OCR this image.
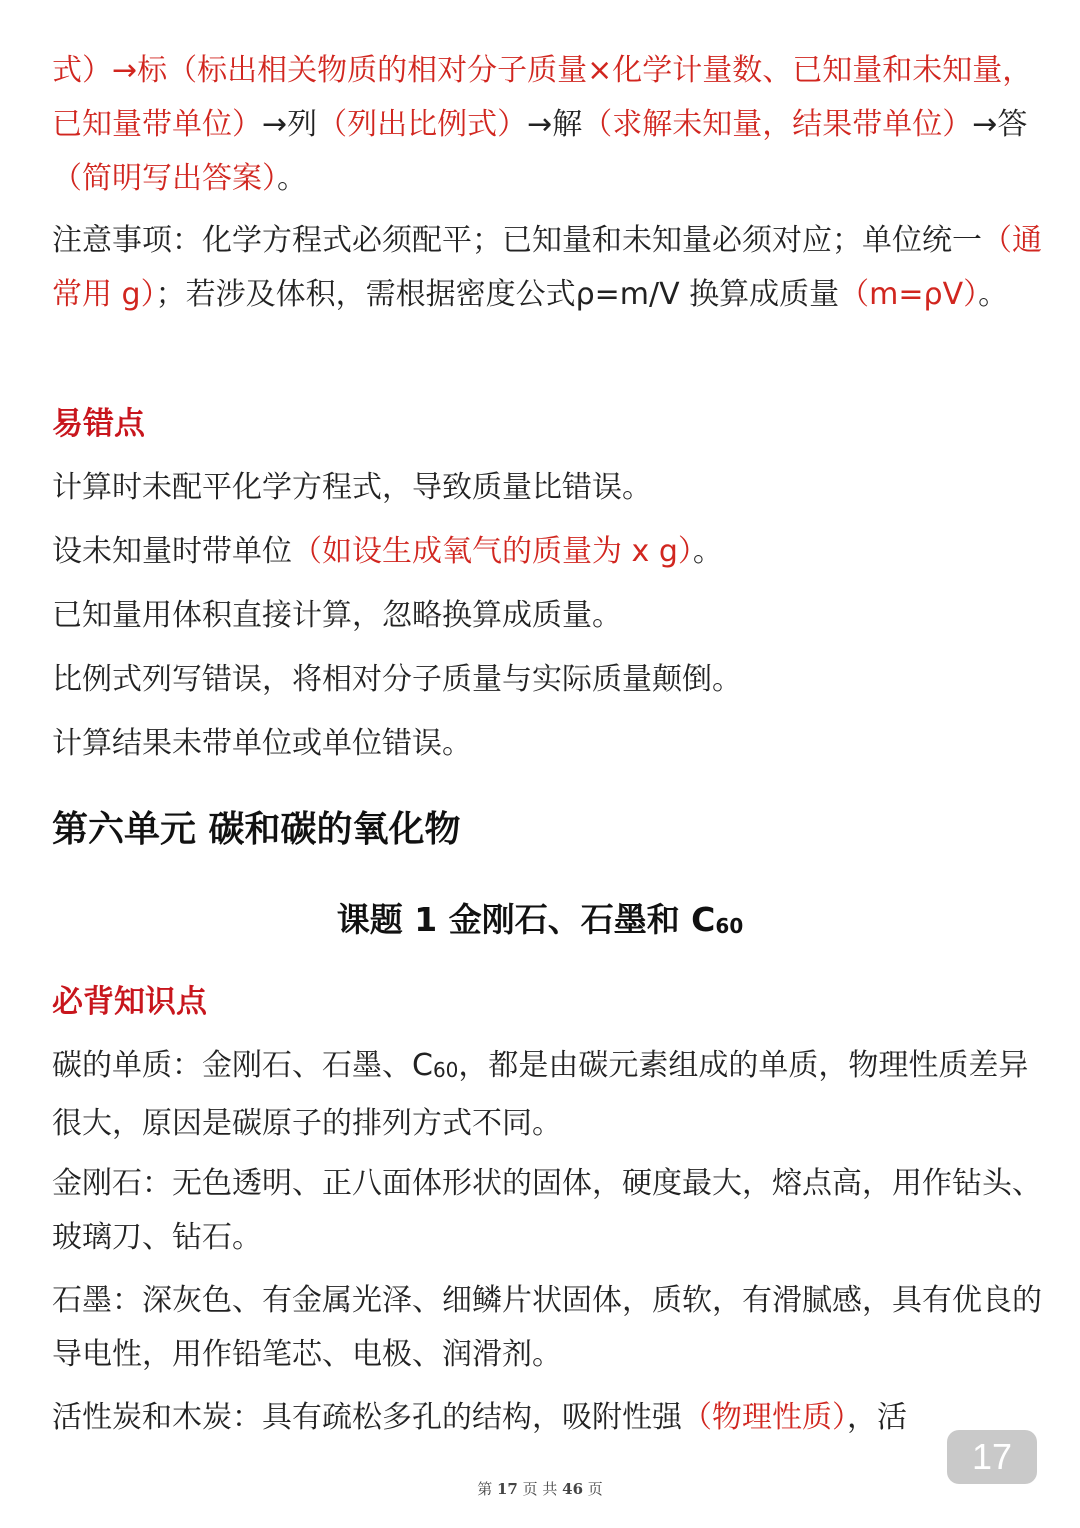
式）→标（标出相关物质的相对分子质量×化学计量数、已知量和未知量，已知量带单位）→列（列出比例式）→解（求解未知量，结果带单位）→答（简明写出答案）。

注意事项：化学方程式必须配平；已知量和未知量必须对应；单位统一（通常用 g）；若涉及体积，需根据密度公式ρ=m/V 换算成质量（m=ρV）。

易错点

计算时未配平化学方程式，导致质量比错误。

设未知量时带单位（如设生成氧气的质量为 x g）。

已知量用体积直接计算，忽略换算成质量。

比例式列写错误，将相对分子质量与实际质量颠倒。

计算结果未带单位或单位错误。

第六单元 碳和碳的氧化物
课题 1 金刚石、石墨和 $C_{60}$
必背知识点

碳的单质：金刚石、石墨、$C_{60}$，都是由碳元素组成的单质，物理性质差异很大，原因是碳原子的排列方式不同。

金刚石：无色透明、正八面体形状的固体，硬度最大，熔点高，用作钻头、玻璃刀、钻石。

石墨：深灰色、有金属光泽、细鳞片状固体，质软，有滑腻感，具有优良的导电性，用作铅笔芯、电极、润滑剂。

活性炭和木炭：具有疏松多孔的结构，吸附性强（物理性质），活

17
第 17 页 共 46 页
